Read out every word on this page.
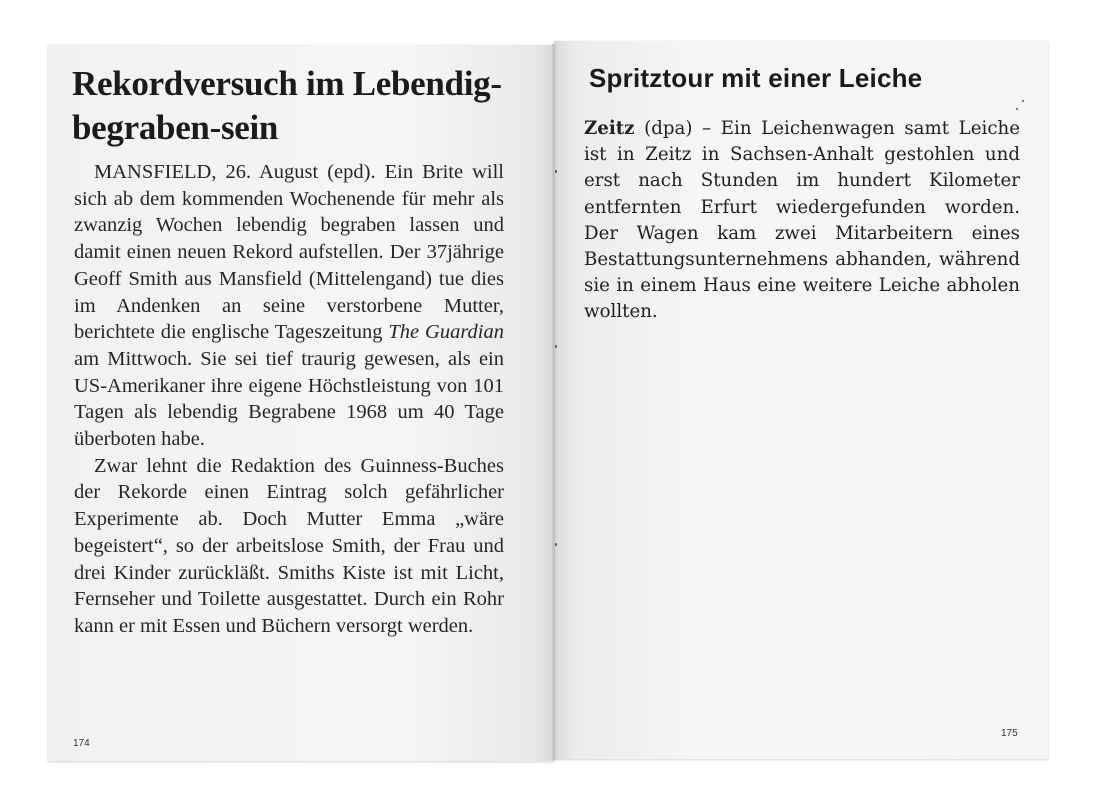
Rekordversuch im Lebendig-begraben-sein

MANSFIELD, 26. August (epd). Ein Brite will sich ab dem kommenden Wochenende für mehr als zwanzig Wochen lebendig begraben lassen und damit einen neuen Rekord aufstellen. Der 37jährige Geoff Smith aus Mansfield (Mittelengand) tue dies im Andenken an seine verstorbene Mutter, berichtete die englische Tageszeitung The Guardian am Mittwoch. Sie sei tief traurig gewesen, als ein US-Amerikaner ihre eigene Höchstleistung von 101 Tagen als lebendig Begrabene 1968 um 40 Tage überboten habe.

Zwar lehnt die Redaktion des Guinness-Buches der Rekorde einen Eintrag solch gefährlicher Experimente ab. Doch Mutter Emma „wäre begeistert“, so der arbeitslose Smith, der Frau und drei Kinder zurückläßt. Smiths Kiste ist mit Licht, Fernseher und Toilette ausgestattet. Durch ein Rohr kann er mit Essen und Büchern versorgt werden.

174
Spritztour mit einer Leiche

Zeitz (dpa) – Ein Leichenwagen samt Leiche ist in Zeitz in Sachsen-Anhalt gestohlen und erst nach Stunden im hundert Kilometer entfernten Erfurt wiedergefunden worden. Der Wagen kam zwei Mitarbeitern eines Bestattungsunternehmens abhanden, während sie in einem Haus eine weitere Leiche abholen wollten.

175
